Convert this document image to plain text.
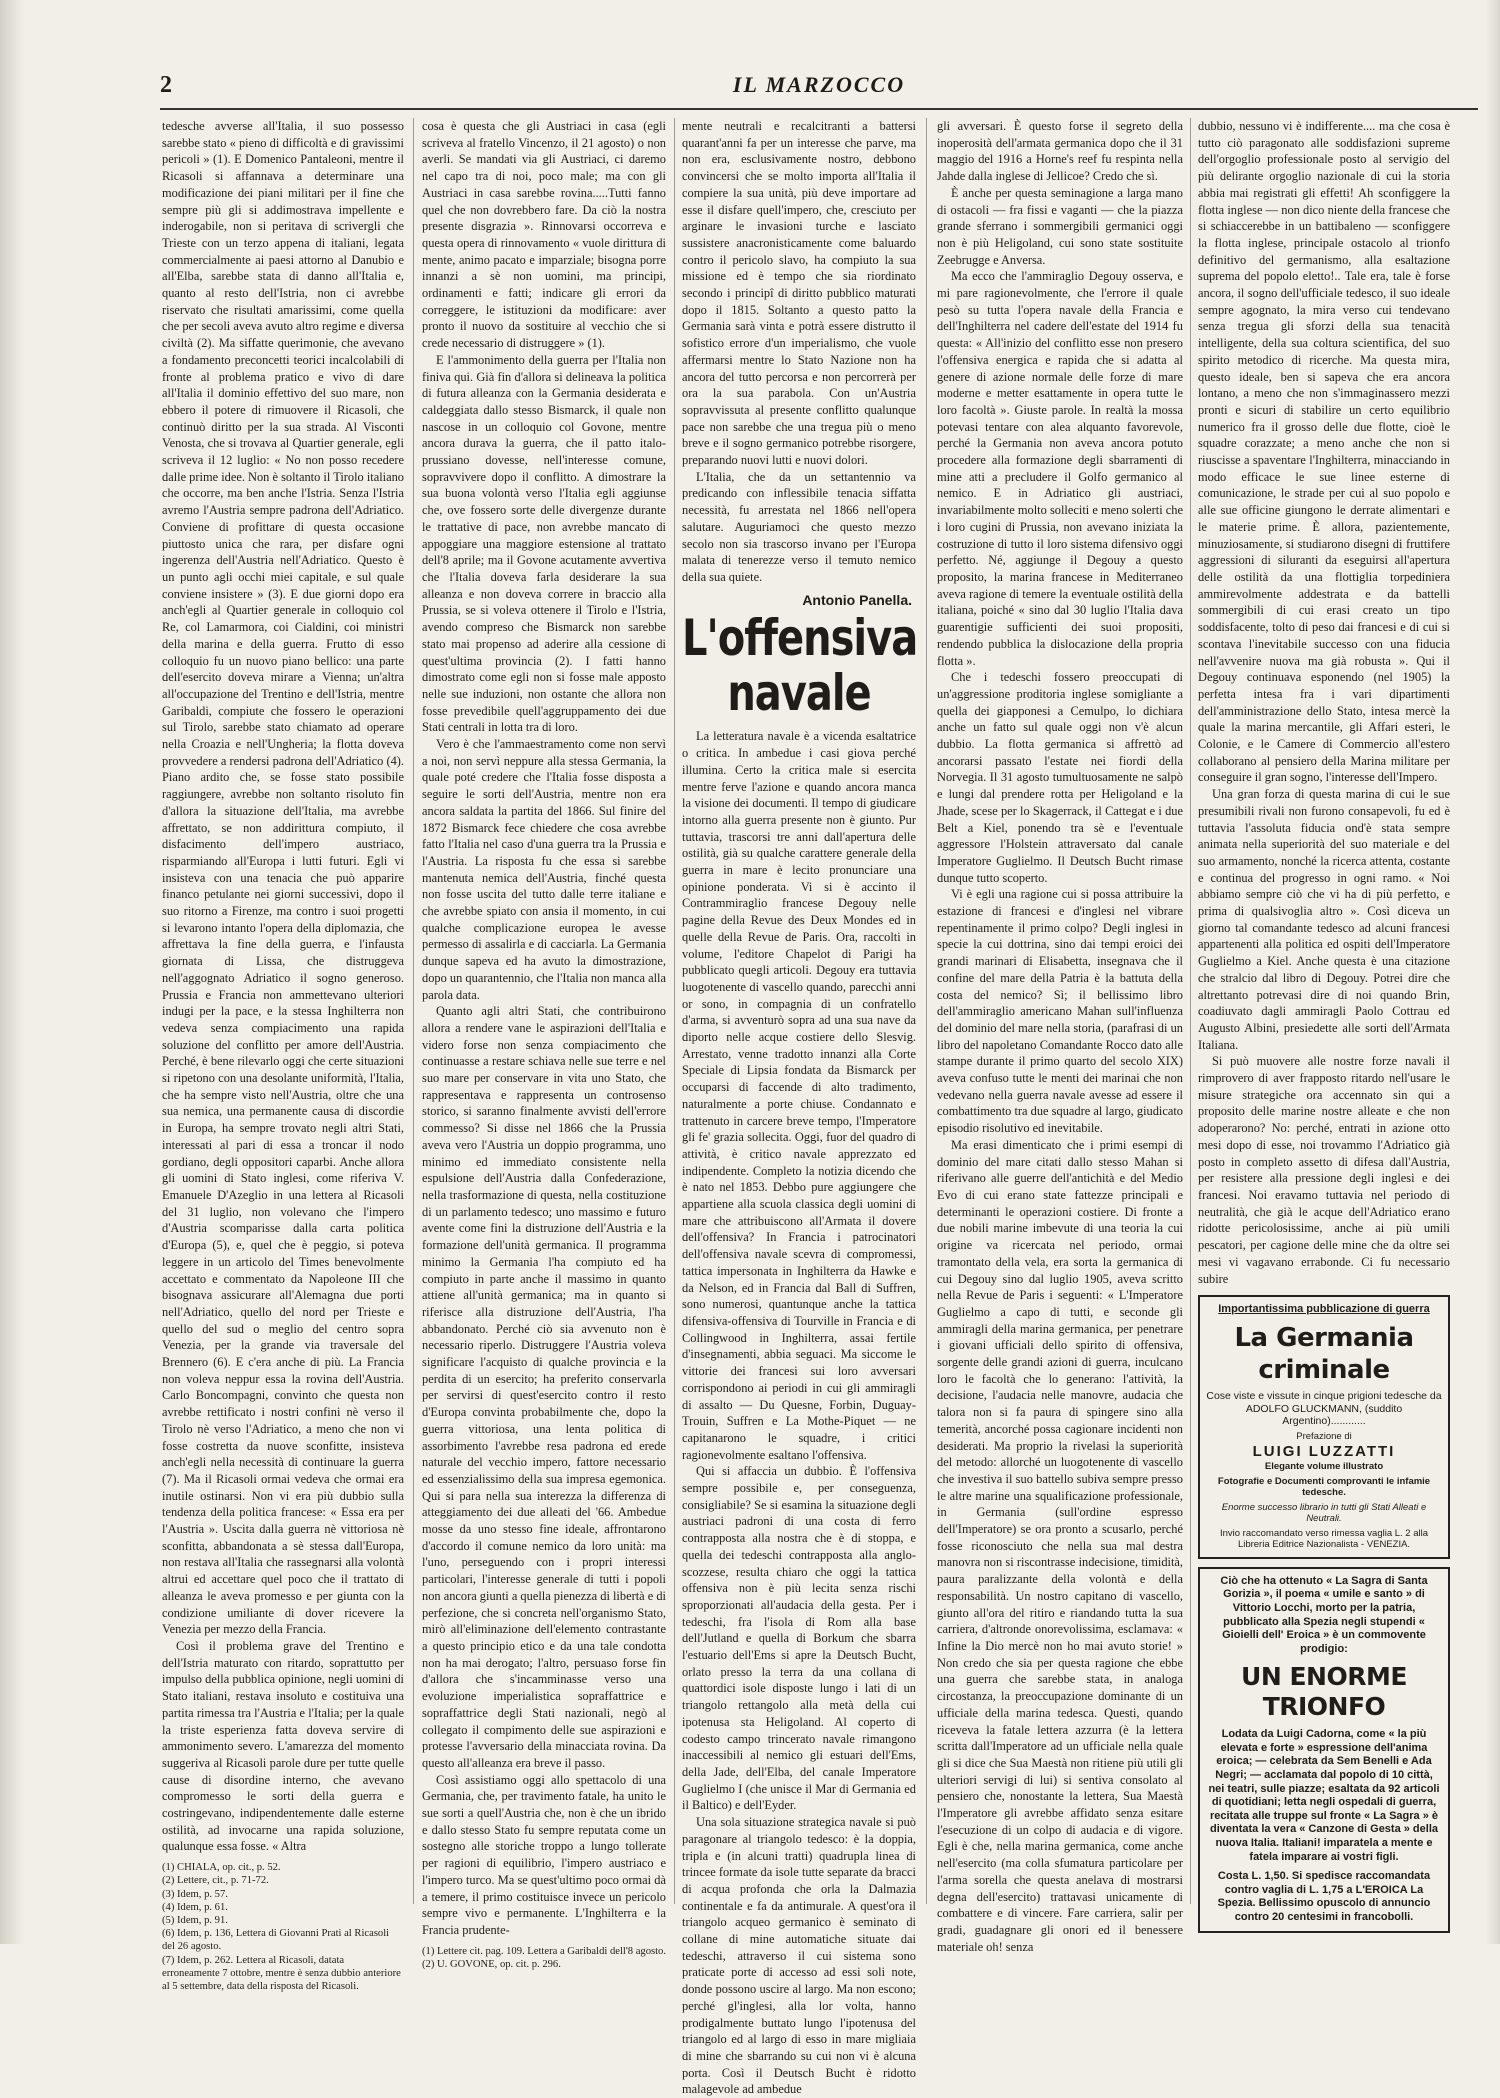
2	IL MARZOCCO

tedesche avverse all'Italia, il suo possesso sarebbe stato « pieno di difficoltà e di gravissimi pericoli » (1). E Domenico Pantaleoni, mentre il Ricasoli si affannava a determinare una modificazione dei piani militari per il fine che sempre più gli si addimostrava impellente e inderogabile, non si peritava di scrivergli che Trieste con un terzo appena di italiani, legata commercialmente ai paesi attorno al Danubio e all'Elba, sarebbe stata di danno all'Italia e, quanto al resto dell'Istria, non ci avrebbe riservato che risultati amarissimi, come quella che per secoli aveva avuto altro regime e diversa civiltà (2). Ma siffatte querimonie, che avevano a fondamento preconcetti teorici incalcolabili di fronte al problema pratico e vivo di dare all'Italia il dominio effettivo del suo mare, non ebbero il potere di rimuovere il Ricasoli, che continuò diritto per la sua strada. Al Visconti Venosta, che si trovava al Quartier generale, egli scriveva il 12 luglio: « No non posso recedere dalle prime idee. Non è soltanto il Tirolo italiano che occorre, ma ben anche l'Istria. Senza l'Istria avremo l'Austria sempre padrona dell'Adriatico. Conviene di profittare di questa occasione piuttosto unica che rara, per disfare ogni ingerenza dell'Austria nell'Adriatico. Questo è un punto agli occhi miei capitale, e sul quale conviene insistere » (3). E due giorni dopo era anch'egli al Quartier generale in colloquio col Re, col Lamarmora, coi Cialdini, coi ministri della marina e della guerra. Frutto di esso colloquio fu un nuovo piano bellico: una parte dell'esercito doveva mirare a Vienna; un'altra all'occupazione del Trentino e dell'Istria, mentre Garibaldi, compiute che fossero le operazioni sul Tirolo, sarebbe stato chiamato ad operare nella Croazia e nell'Ungheria; la flotta doveva provvedere a rendersi padrona dell'Adriatico (4). Piano ardito che, se fosse stato possibile raggiungere, avrebbe non soltanto risoluto fin d'allora la situazione dell'Italia, ma avrebbe affrettato, se non addirittura compiuto, il disfacimento dell'impero austriaco, risparmiando all'Europa i lutti futuri. Egli vi insisteva con una tenacia che può apparire financo petulante nei giorni successivi, dopo il suo ritorno a Firenze, ma contro i suoi progetti si levarono intanto l'opera della diplomazia, che affrettava la fine della guerra, e l'infausta giornata di Lissa, che distruggeva nell'aggognato Adriatico il sogno generoso. Prussia e Francia non ammettevano ulteriori indugi per la pace, e la stessa Inghilterra non vedeva senza compiacimento una rapida soluzione del conflitto per amore dell'Austria. Perché, è bene rilevarlo oggi che certe situazioni si ripetono con una desolante uniformità, l'Italia, che ha sempre visto nell'Austria, oltre che una sua nemica, una permanente causa di discordie in Europa, ha sempre trovato negli altri Stati, interessati al pari di essa a troncar il nodo gordiano, degli oppositori caparbi. Anche allora gli uomini di Stato inglesi, come riferiva V. Emanuele D'Azeglio in una lettera al Ricasoli del 31 luglio, non volevano che l'impero d'Austria scomparisse dalla carta politica d'Europa (5), e, quel che è peggio, si poteva leggere in un articolo del Times benevolmente accettato e commentato da Napoleone III che bisognava assicurare all'Alemagna due porti nell'Adriatico, quello del nord per Trieste e quello del sud o meglio del centro sopra Venezia, per la grande via traversale del Brennero (6). E c'era anche di più. La Francia non voleva neppur essa la rovina dell'Austria. Carlo Boncompagni, convinto che questa non avrebbe rettificato i nostri confini nè verso il Tirolo nè verso l'Adriatico, a meno che non vi fosse costretta da nuove sconfitte, insisteva anch'egli nella necessità di continuare la guerra (7). Ma il Ricasoli ormai vedeva che ormai era inutile ostinarsi. Non vi era più dubbio sulla tendenza della politica francese: « Essa era per l'Austria ». Uscita dalla guerra nè vittoriosa nè sconfitta, abbandonata a sè stessa dall'Europa, non restava all'Italia che rassegnarsi alla volontà altrui ed accettare quel poco che il trattato di alleanza le aveva promesso e per giunta con la condizione umiliante di dover ricevere la Venezia per mezzo della Francia.

Così il problema grave del Trentino e dell'Istria maturato con ritardo, soprattutto per impulso della pubblica opinione, negli uomini di Stato italiani, restava insoluto e costituiva una partita rimessa tra l'Austria e l'Italia; per la quale la triste esperienza fatta doveva servire di ammonimento severo. L'amarezza del momento suggeriva al Ricasoli parole dure per tutte quelle cause di disordine interno, che avevano compromesso le sorti della guerra e costringevano, indipendentemente dalle esterne ostilità, ad invocarne una rapida soluzione, qualunque essa fosse. « Altra

(1) CHIALA, op. cit., p. 52.
(2) Lettere, cit., p. 71-72.
(3) Idem, p. 57.
(4) Idem, p. 61.
(5) Idem, p. 91.
(6) Idem, p. 136, Lettera di Giovanni Prati al Ricasoli del 26 agosto.
(7) Idem, p. 262. Lettera al Ricasoli, datata erroneamente 7 ottobre, mentre è senza dubbio anteriore al 5 settembre, data della risposta del Ricasoli.

cosa è questa che gli Austriaci in casa (egli scriveva al fratello Vincenzo, il 21 agosto) o non averli. Se mandati via gli Austriaci, ci daremo nel capo tra di noi, poco male; ma con gli Austriaci in casa sarebbe rovina.....Tutti fanno quel che non dovrebbero fare. Da ciò la nostra presente disgrazia ». Rinnovarsi occorreva e questa opera di rinnovamento « vuole dirittura di mente, animo pacato e imparziale; bisogna porre innanzi a sè non uomini, ma principi, ordinamenti e fatti; indicare gli errori da correggere, le istituzioni da modificare: aver pronto il nuovo da sostituire al vecchio che si crede necessario di distruggere » (1).

E l'ammonimento della guerra per l'Italia non finiva qui. Già fin d'allora si delineava la politica di futura alleanza con la Germania desiderata e caldeggiata dallo stesso Bismarck, il quale non nascose in un colloquio col Govone, mentre ancora durava la guerra, che il patto italo-prussiano dovesse, nell'interesse comune, sopravvivere dopo il conflitto. A dimostrare la sua buona volontà verso l'Italia egli aggiunse che, ove fossero sorte delle divergenze durante le trattative di pace, non avrebbe mancato di appoggiare una maggiore estensione al trattato dell'8 aprile; ma il Govone acutamente avvertiva che l'Italia doveva farla desiderare la sua alleanza e non doveva correre in braccio alla Prussia, se si voleva ottenere il Tirolo e l'Istria, avendo compreso che Bismarck non sarebbe stato mai propenso ad aderire alla cessione di quest'ultima provincia (2). I fatti hanno dimostrato come egli non si fosse male apposto nelle sue induzioni, non ostante che allora non fosse prevedibile quell'aggruppamento dei due Stati centrali in lotta tra di loro.

Vero è che l'ammaestramento come non servì a noi, non servì neppure alla stessa Germania, la quale poté credere che l'Italia fosse disposta a seguire le sorti dell'Austria, mentre non era ancora saldata la partita del 1866. Sul finire del 1872 Bismarck fece chiedere che cosa avrebbe fatto l'Italia nel caso d'una guerra tra la Prussia e l'Austria. La risposta fu che essa si sarebbe mantenuta nemica dell'Austria, finché questa non fosse uscita del tutto dalle terre italiane e che avrebbe spiato con ansia il momento, in cui qualche complicazione europea le avesse permesso di assalirla e di cacciarla. La Germania dunque sapeva ed ha avuto la dimostrazione, dopo un quarantennio, che l'Italia non manca alla parola data.

Quanto agli altri Stati, che contribuirono allora a rendere vane le aspirazioni dell'Italia e videro forse non senza compiacimento che continuasse a restare schiava nelle sue terre e nel suo mare per conservare in vita uno Stato, che rappresentava e rappresenta un controsenso storico, si saranno finalmente avvisti dell'errore commesso? Si disse nel 1866 che la Prussia aveva vero l'Austria un doppio programma, uno minimo ed immediato consistente nella espulsione dell'Austria dalla Confederazione, nella trasformazione di questa, nella costituzione di un parlamento tedesco; uno massimo e futuro avente come fini la distruzione dell'Austria e la formazione dell'unità germanica. Il programma minimo la Germania l'ha compiuto ed ha compiuto in parte anche il massimo in quanto attiene all'unità germanica; ma in quanto si riferisce alla distruzione dell'Austria, l'ha abbandonato. Perché ciò sia avvenuto non è necessario riperlo. Distruggere l'Austria voleva significare l'acquisto di qualche provincia e la perdita di un esercito; ha preferito conservarla per servirsi di quest'esercito contro il resto d'Europa convinta probabilmente che, dopo la guerra vittoriosa, una lenta politica di assorbimento l'avrebbe resa padrona ed erede naturale del vecchio impero, fattore necessario ed essenzialissimo della sua impresa egemonica. Qui si para nella sua interezza la differenza di atteggiamento dei due alleati del '66. Ambedue mosse da uno stesso fine ideale, affrontarono d'accordo il comune nemico da loro unità: ma l'uno, perseguendo con i propri interessi particolari, l'interesse generale di tutti i popoli non ancora giunti a quella pienezza di libertà e di perfezione, che si concreta nell'organismo Stato, mirò all'eliminazione dell'elemento contrastante a questo principio etico e da una tale condotta non ha mai derogato; l'altro, persuaso forse fin d'allora che s'incamminasse verso una evoluzione imperialistica sopraffattrice e sopraffattrice degli Stati nazionali, negò al collegato il compimento delle sue aspirazioni e protesse l'avversario della minacciata rovina. Da questo all'alleanza era breve il passo.

Così assistiamo oggi allo spettacolo di una Germania, che, per travimento fatale, ha unito le sue sorti a quell'Austria che, non è che un ibrido e dallo stesso Stato fu sempre reputata come un sostegno alle storiche troppo a lungo tollerate per ragioni di equilibrio, l'impero austriaco e l'impero turco. Ma se quest'ultimo poco ormai dà a temere, il primo costituisce invece un pericolo sempre vivo e permanente. L'Inghilterra e la Francia prudente-

(1) Lettere cit. pag. 109. Lettera a Garibaldi dell'8 agosto.
(2) U. GOVONE, op. cit. p. 296.

mente neutrali e recalcitranti a battersi quarant'anni fa per un interesse che parve, ma non era, esclusivamente nostro, debbono convincersi che se molto importa all'Italia il compiere la sua unità, più deve importare ad esse il disfare quell'impero, che, cresciuto per arginare le invasioni turche e lasciato sussistere anacronisticamente come baluardo contro il pericolo slavo, ha compiuto la sua missione ed è tempo che sia riordinato secondo i principî di diritto pubblico maturati dopo il 1815. Soltanto a questo patto la Germania sarà vinta e potrà essere distrutto il sofistico errore d'un imperialismo, che vuole affermarsi mentre lo Stato Nazione non ha ancora del tutto percorsa e non percorrerà per ora la sua parabola. Con un'Austria sopravvissuta al presente conflitto qualunque pace non sarebbe che una tregua più o meno breve e il sogno germanico potrebbe risorgere, preparando nuovi lutti e nuovi dolori.

L'Italia, che da un settantennio va predicando con inflessibile tenacia siffatta necessità, fu arrestata nel 1866 nell'opera salutare. Auguriamoci che questo mezzo secolo non sia trascorso invano per l'Europa malata di tenerezze verso il temuto nemico della sua quiete.

Antonio Panella.
L'offensiva navale

La letteratura navale è a vicenda esaltatrice o critica. In ambedue i casi giova perché illumina. Certo la critica male si esercita mentre ferve l'azione e quando ancora manca la visione dei documenti. Il tempo di giudicare intorno alla guerra presente non è giunto. Pur tuttavia, trascorsi tre anni dall'apertura delle ostilità, già su qualche carattere generale della guerra in mare è lecito pronunciare una opinione ponderata. Vi si è accinto il Contrammiraglio francese Degouy nelle pagine della Revue des Deux Mondes ed in quelle della Revue de Paris. Ora, raccolti in volume, l'editore Chapelot di Parigi ha pubblicato quegli articoli. Degouy era tuttavia luogotenente di vascello quando, parecchi anni or sono, in compagnia di un confratello d'arma, si avventurò sopra ad una sua nave da diporto nelle acque costiere dello Slesvig. Arrestato, venne tradotto innanzi alla Corte Speciale di Lipsia fondata da Bismarck per occuparsi di faccende di alto tradimento, naturalmente a porte chiuse. Condannato e trattenuto in carcere breve tempo, l'Imperatore gli fe' grazia sollecita. Oggi, fuor del quadro di attività, è critico navale apprezzato ed indipendente. Completo la notizia dicendo che è nato nel 1853. Debbo pure aggiungere che appartiene alla scuola classica degli uomini di mare che attribuiscono all'Armata il dovere dell'offensiva? In Francia i patrocinatori dell'offensiva navale scevra di compromessi, tattica impersonata in Inghilterra da Hawke e da Nelson, ed in Francia dal Ball di Suffren, sono numerosi, quantunque anche la tattica difensiva-offensiva di Tourville in Francia e di Collingwood in Inghilterra, assai fertile d'insegnamenti, abbia seguaci. Ma siccome le vittorie dei francesi sui loro avversari corrispondono ai periodi in cui gli ammiragli di assalto — Du Quesne, Forbin, Duguay-Trouin, Suffren e La Mothe-Piquet — ne capitanarono le squadre, i critici ragionevolmente esaltano l'offensiva.

Qui si affaccia un dubbio. È l'offensiva sempre possibile e, per conseguenza, consigliabile? Se si esamina la situazione degli austriaci padroni di una costa di ferro contrapposta alla nostra che è di stoppa, e quella dei tedeschi contrapposta alla anglo-scozzese, resulta chiaro che oggi la tattica offensiva non è più lecita senza rischi sproporzionati all'audacia della gesta. Per i tedeschi, fra l'isola di Rom alla base dell'Jutland e quella di Borkum che sbarra l'estuario dell'Ems si apre la Deutsch Bucht, orlato presso la terra da una collana di quattordici isole disposte lungo i lati di un triangolo rettangolo alla metà della cui ipotenusa sta Heligoland. Al coperto di codesto campo trincerato navale rimangono inaccessibili al nemico gli estuari dell'Ems, della Jade, dell'Elba, del canale Imperatore Guglielmo I (che unisce il Mar di Germania ed il Baltico) e dell'Eyder.

Una sola situazione strategica navale si può paragonare al triangolo tedesco: è la doppia, tripla e (in alcuni tratti) quadrupla linea di trincee formate da isole tutte separate da bracci di acqua profonda che orla la Dalmazia continentale e fa da antimurale. A quest'ora il triangolo acqueo germanico è seminato di collane di mine automatiche situate dai tedeschi, attraverso il cui sistema sono praticate porte di accesso ad essi soli note, donde possono uscire al largo. Ma non escono; perché gl'inglesi, alla lor volta, hanno prodigalmente buttato lungo l'ipotenusa del triangolo ed al largo di esso in mare migliaia di mine che sbarrando su cui non vi è alcuna porta. Così il Deutsch Bucht è ridotto malagevole ad ambedue

gli avversari. È questo forse il segreto della inoperosità dell'armata germanica dopo che il 31 maggio del 1916 a Horne's reef fu respinta nella Jahde dalla inglese di Jellicoe? Credo che sì.

È anche per questa seminagione a larga mano di ostacoli — fra fissi e vaganti — che la piazza grande sferrano i sommergibili germanici oggi non è più Heligoland, cui sono state sostituite Zeebrugge e Anversa.

Ma ecco che l'ammiraglio Degouy osserva, e mi pare ragionevolmente, che l'errore il quale pesò su tutta l'opera navale della Francia e dell'Inghilterra nel cadere dell'estate del 1914 fu questa: « All'inizio del conflitto esse non presero l'offensiva energica e rapida che si adatta al genere di azione normale delle forze di mare moderne e metter esattamente in opera tutte le loro facoltà ». Giuste parole. In realtà la mossa potevasi tentare con alea alquanto favorevole, perché la Germania non aveva ancora potuto procedere alla formazione degli sbarramenti di mine atti a precludere il Golfo germanico al nemico. E in Adriatico gli austriaci, invariabilmente molto solleciti e meno solerti che i loro cugini di Prussia, non avevano iniziata la costruzione di tutto il loro sistema difensivo oggi perfetto. Né, aggiunge il Degouy a questo proposito, la marina francese in Mediterraneo aveva ragione di temere la eventuale ostilità della italiana, poiché « sino dal 30 luglio l'Italia dava guarentigie sufficienti dei suoi propositi, rendendo pubblica la dislocazione della propria flotta ».

Che i tedeschi fossero preoccupati di un'aggressione proditoria inglese somigliante a quella dei giapponesi a Cemulpo, lo dichiara anche un fatto sul quale oggi non v'è alcun dubbio. La flotta germanica si affrettò ad ancorarsi passato l'estate nei fiordi della Norvegia. Il 31 agosto tumultuosamente ne salpò e lungi dal prendere rotta per Heligoland e la Jhade, scese per lo Skagerrack, il Cattegat e i due Belt a Kiel, ponendo tra sè e l'eventuale aggressore l'Holstein attraversato dal canale Imperatore Guglielmo. Il Deutsch Bucht rimase dunque tutto scoperto.

Vi è egli una ragione cui si possa attribuire la estazione di francesi e d'inglesi nel vibrare repentinamente il primo colpo? Degli inglesi in specie la cui dottrina, sino dai tempi eroici dei grandi marinari di Elisabetta, insegnava che il confine del mare della Patria è la battuta della costa del nemico? Sì; il bellissimo libro dell'ammiraglio americano Mahan sull'influenza del dominio del mare nella storia, (parafrasi di un libro del napoletano Comandante Rocco dato alle stampe durante il primo quarto del secolo XIX) aveva confuso tutte le menti dei marinai che non vedevano nella guerra navale avesse ad essere il combattimento tra due squadre al largo, giudicato episodio risolutivo ed inevitabile.

Ma erasi dimenticato che i primi esempi di dominio del mare citati dallo stesso Mahan si riferivano alle guerre dell'antichità e del Medio Evo di cui erano state fattezze principali e determinanti le operazioni costiere. Di fronte a due nobili marine imbevute di una teoria la cui origine va ricercata nel periodo, ormai tramontato della vela, era sorta la germanica di cui Degouy sino dal luglio 1905, aveva scritto nella Revue de Paris i seguenti: « L'Imperatore Guglielmo a capo di tutti, e seconde gli ammiragli della marina germanica, per penetrare i giovani ufficiali dello spirito di offensiva, sorgente delle grandi azioni di guerra, inculcano loro le facoltà che lo generano: l'attività, la decisione, l'audacia nelle manovre, audacia che talora non si fa paura di spingere sino alla temerità, ancorché possa cagionare incidenti non desiderati. Ma proprio la rivelasi la superiorità del metodo: allorché un luogotenente di vascello che investiva il suo battello subiva sempre presso le altre marine una squalificazione professionale, in Germania (sull'ordine espresso dell'Imperatore) se ora pronto a scusarlo, perché fosse riconosciuto che nella sua mal destra manovra non si riscontrasse indecisione, timidità, paura paralizzante della volontà e della responsabilità. Un nostro capitano di vascello, giunto all'ora del ritiro e riandando tutta la sua carriera, d'altronde onorevolissima, esclamava: « Infine la Dio mercè non ho mai avuto storie! » Non credo che sia per questa ragione che ebbe una guerra che sarebbe stata, in analoga circostanza, la preoccupazione dominante di un ufficiale della marina tedesca. Questi, quando riceveva la fatale lettera azzurra (è la lettera scritta dall'Imperatore ad un ufficiale nella quale gli si dice che Sua Maestà non ritiene più utili gli ulteriori servigi di lui) si sentiva consolato al pensiero che, nonostante la lettera, Sua Maestà l'Imperatore gli avrebbe affidato senza esitare l'esecuzione di un colpo di audacia e di vigore. Egli è che, nella marina germanica, come anche nell'esercito (ma colla sfumatura particolare per l'arma sorella che questa anelava di mostrarsi degna dell'esercito) trattavasi unicamente di combattere e di vincere. Fare carriera, salir per gradi, guadagnare gli onori ed il benessere materiale oh! senza

dubbio, nessuno vi è indifferente.... ma che cosa è tutto ciò paragonato alle soddisfazioni supreme dell'orgoglio professionale posto al servigio del più delirante orgoglio nazionale di cui la storia abbia mai registrati gli effetti! Ah sconfiggere la flotta inglese — non dico niente della francese che si schiaccerebbe in un battibaleno — sconfiggere la flotta inglese, principale ostacolo al trionfo definitivo del germanismo, alla esaltazione suprema del popolo eletto!.. Tale era, tale è forse ancora, il sogno dell'ufficiale tedesco, il suo ideale sempre agognato, la mira verso cui tendevano senza tregua gli sforzi della sua tenacità intelligente, della sua coltura scientifica, del suo spirito metodico di ricerche. Ma questa mira, questo ideale, ben si sapeva che era ancora lontano, a meno che non s'immaginassero mezzi pronti e sicuri di stabilire un certo equilibrio numerico fra il grosso delle due flotte, cioè le squadre corazzate; a meno anche che non si riuscisse a spaventare l'Inghilterra, minacciando in modo efficace le sue linee esterne di comunicazione, le strade per cui al suo popolo e alle sue officine giungono le derrate alimentari e le materie prime. È allora, pazientemente, minuziosamente, si studiarono disegni di fruttifere aggressioni di siluranti da eseguirsi all'apertura delle ostilità da una flottiglia torpediniera ammirevolmente addestrata e da battelli sommergibili di cui erasi creato un tipo soddisfacente, tolto di peso dai francesi e di cui si scontava l'inevitabile successo con una fiducia nell'avvenire nuova ma già robusta ». Qui il Degouy continuava esponendo (nel 1905) la perfetta intesa fra i vari dipartimenti dell'amministrazione dello Stato, intesa mercè la quale la marina mercantile, gli Affari esteri, le Colonie, e le Camere di Commercio all'estero collaborano al pensiero della Marina militare per conseguire il gran sogno, l'interesse dell'Impero.

Una gran forza di questa marina di cui le sue presumibili rivali non furono consapevoli, fu ed è tuttavia l'assoluta fiducia ond'è stata sempre animata nella superiorità del suo materiale e del suo armamento, nonché la ricerca attenta, costante e continua del progresso in ogni ramo. « Noi abbiamo sempre ciò che vi ha di più perfetto, e prima di qualsivoglia altro ». Così diceva un giorno tal comandante tedesco ad alcuni francesi appartenenti alla politica ed ospiti dell'Imperatore Guglielmo a Kiel. Anche questa è una citazione che stralcio dal libro di Degouy. Potrei dire che altrettanto potrevasi dire di noi quando Brin, coadiuvato dagli ammiragli Paolo Cottrau ed Augusto Albini, presiedette alle sorti dell'Armata Italiana.

Si può muovere alle nostre forze navali il rimprovero di aver frapposto ritardo nell'usare le misure strategiche ora accennato sin qui a proposito delle marine nostre alleate e che non adoperarono? No: perché, entrati in azione otto mesi dopo di esse, noi trovammo l'Adriatico già posto in completo assetto di difesa dall'Austria, per resistere alla pressione degli inglesi e dei francesi. Noi eravamo tuttavia nel periodo di neutralità, che già le acque dell'Adriatico erano ridotte pericolosissime, anche ai più umili pescatori, per cagione delle mine che da oltre sei mesi vi vagavano errabonde. Ci fu necessario subire

Importantissima pubblicazione di guerra
La Germania criminale
Cose viste e vissute in cinque prigioni tedesche da ADOLFO GLUCKMANN, (suddito Argentino)............
Prefazione di
LUIGI LUZZATTI
Elegante volume illustrato
Fotografie e Documenti comprovanti le infamie tedesche.
Enorme successo librario in tutti gli Stati Alleati e Neutrali.
Invio raccomandato verso rimessa vaglia L. 2 alla Libreria Editrice Nazionalista - VENEZIA.
Ciò che ha ottenuto « La Sagra di Santa Gorizia », il poema « umile e santo » di Vittorio Locchi, morto per la patria, pubblicato alla Spezia negli stupendi « Gioielli dell' Eroica » è un commovente prodigio:
UN ENORME TRIONFO
Lodata da Luigi Cadorna, come « la più elevata e forte » espressione dell'anima eroica; — celebrata da Sem Benelli e Ada Negri; — acclamata dal popolo di 10 città, nei teatri, sulle piazze; esaltata da 92 articoli di quotidiani; letta negli ospedali di guerra, recitata alle truppe sul fronte « La Sagra » è diventata la vera « Canzone di Gesta » della nuova Italia. Italiani! imparatela a mente e fatela imparare ai vostri figli.
Costa L. 1,50. Si spedisce raccomandata contro vaglia di L. 1,75 a L'EROICA La Spezia. Bellissimo opuscolo di annuncio contro 20 centesimi in francobolli.
